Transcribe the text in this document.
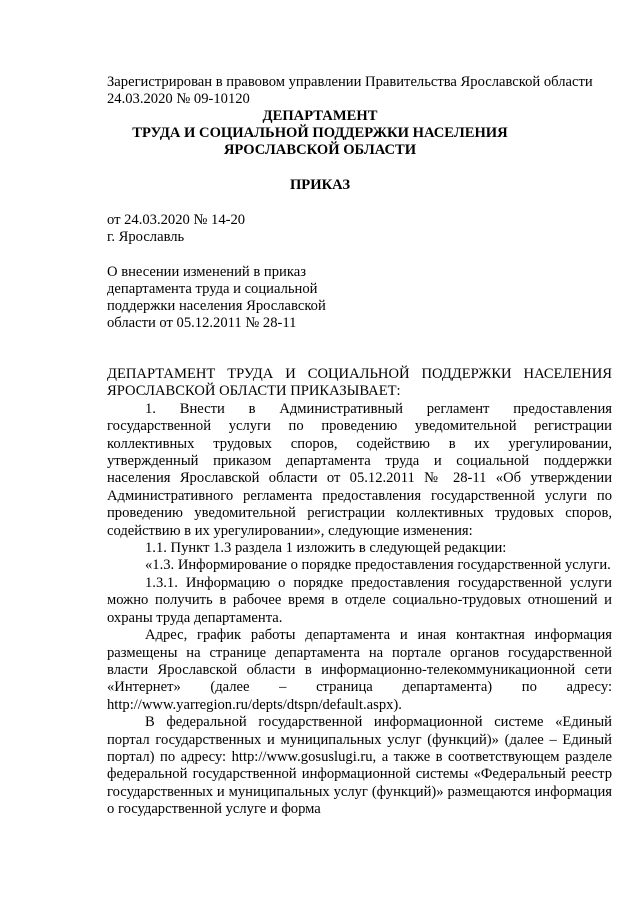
Зарегистрирован в правовом управлении Правительства Ярославской области

24.03.2020 № 09-10120

ДЕПАРТАМЕНТ

ТРУДА И СОЦИАЛЬНОЙ ПОДДЕРЖКИ НАСЕЛЕНИЯ

ЯРОСЛАВСКОЙ ОБЛАСТИ

ПРИКАЗ

от 24.03.2020 № 14-20

г. Ярославль

О внесении изменений в приказ

департамента труда и социальной

поддержки населения Ярославской

области от 05.12.2011 № 28-11

ДЕПАРТАМЕНТ ТРУДА И СОЦИАЛЬНОЙ ПОДДЕРЖКИ НАСЕЛЕНИЯ ЯРОСЛАВСКОЙ ОБЛАСТИ ПРИКАЗЫВАЕТ:

1. Внести в Административный регламент предоставления государственной услуги по проведению уведомительной регистрации коллективных трудовых споров, содействию в их урегулировании, утвержденный приказом департамента труда и социальной поддержки населения Ярославской области от 05.12.2011 № 28-11 «Об утверждении Административного регламента предоставления государственной услуги по проведению уведомительной регистрации коллективных трудовых споров, содействию в их урегулировании», следующие изменения:

1.1. Пункт 1.3 раздела 1 изложить в следующей редакции:

«1.3. Информирование о порядке предоставления государственной услуги.

1.3.1. Информацию о порядке предоставления государственной услуги можно получить в рабочее время в отделе социально-трудовых отношений и охраны труда департамента.

Адрес, график работы департамента и иная контактная информация размещены на странице департамента на портале органов государственной власти Ярославской области в информационно-телекоммуникационной сети «Интернет» (далее – страница департамента) по адресу: http://www.yarregion.ru/depts/dtspn/default.aspx).

В федеральной государственной информационной системе «Единый портал государственных и муниципальных услуг (функций)» (далее – Единый портал) по адресу: http://www.gosuslugi.ru, а также в соответствующем разделе федеральной государственной информационной системы «Федеральный реестр государственных и муниципальных услуг (функций)» размещаются информация о государственной услуге и форма
